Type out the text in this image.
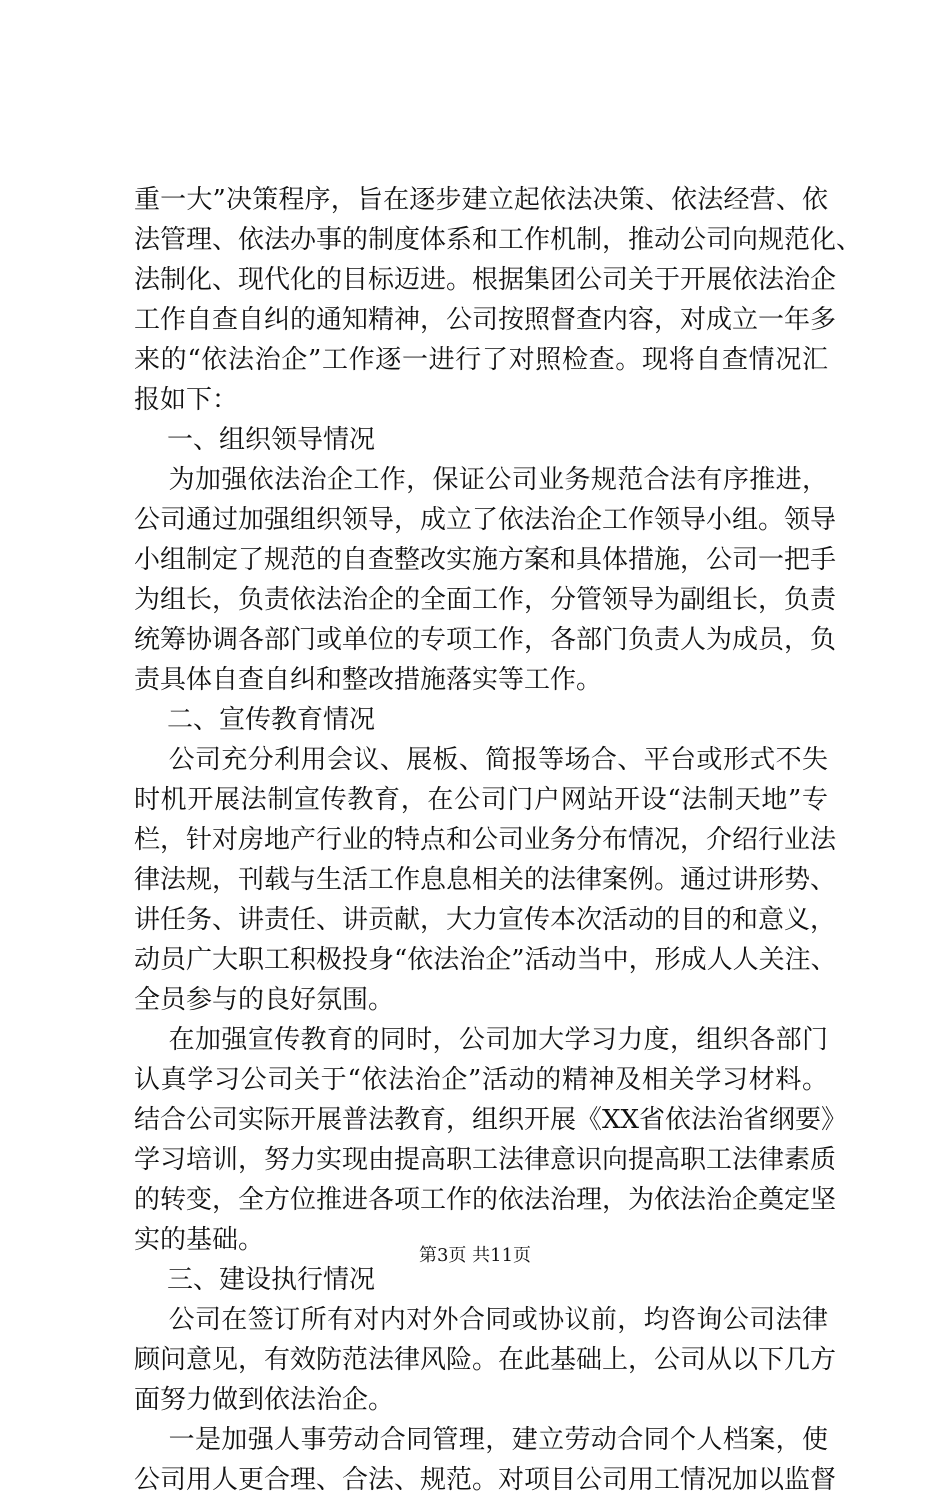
重一大”决策程序，旨在逐步建立起依法决策、依法经营、依
法管理、依法办事的制度体系和工作机制，推动公司向规范化、
法制化、现代化的目标迈进。根据集团公司关于开展依法治企
工作自查自纠的通知精神，公司按照督查内容，对成立一年多
来的“依法治企”工作逐一进行了对照检查。现将自查情况汇
报如下：
一、组织领导情况
为加强依法治企工作，保证公司业务规范合法有序推进，
公司通过加强组织领导，成立了依法治企工作领导小组。领导
小组制定了规范的自查整改实施方案和具体措施，公司一把手
为组长，负责依法治企的全面工作，分管领导为副组长，负责
统筹协调各部门或单位的专项工作，各部门负责人为成员，负
责具体自查自纠和整改措施落实等工作。
二、宣传教育情况
公司充分利用会议、展板、简报等场合、平台或形式不失
时机开展法制宣传教育，在公司门户网站开设“法制天地”专
栏，针对房地产行业的特点和公司业务分布情况，介绍行业法
律法规，刊载与生活工作息息相关的法律案例。通过讲形势、
讲任务、讲责任、讲贡献，大力宣传本次活动的目的和意义，
动员广大职工积极投身“依法治企”活动当中，形成人人关注、
全员参与的良好氛围。
在加强宣传教育的同时，公司加大学习力度，组织各部门
认真学习公司关于“依法治企”活动的精神及相关学习材料。
结合公司实际开展普法教育，组织开展《XX省依法治省纲要》
学习培训，努力实现由提高职工法律意识向提高职工法律素质
的转变，全方位推进各项工作的依法治理，为依法治企奠定坚
实的基础。
三、建设执行情况
公司在签订所有对内对外合同或协议前，均咨询公司法律
顾问意见，有效防范法律风险。在此基础上，公司从以下几方
面努力做到依法治企。
一是加强人事劳动合同管理，建立劳动合同个人档案，使
公司用人更合理、合法、规范。对项目公司用工情况加以监督
第3页 共11页
